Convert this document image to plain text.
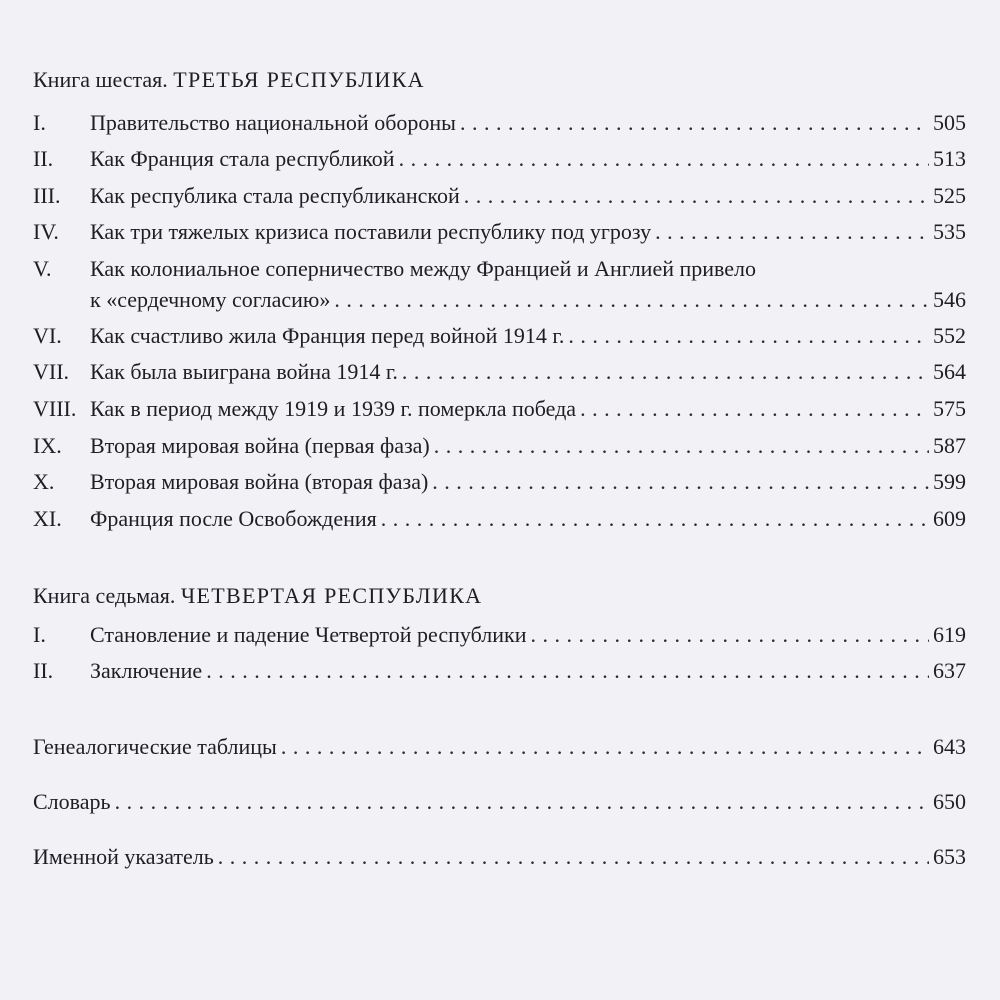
Книга шестая. ТРЕТЬЯ РЕСПУБЛИКА
I.	Правительство национальной обороны . . .	505
II.	Как Франция стала республикой . . .	513
III.	Как республика стала республиканской . . .	525
IV.	Как три тяжелых кризиса поставили республику под угрозу . . .	535
V. Как колониальное соперничество между Францией и Англией привело
к «сердечному согласию» . . .	546
VI.	Как счастливо жила Франция перед войной 1914 г. . . .	552
VII. Как была выиграна война 1914 г. . . .	564
VIII. Как в период между 1919 и 1939 г. померкла победа . . .	575
IX.	Вторая мировая война (первая фаза) . . .	587
X.	Вторая мировая война (вторая фаза) . . .	599
XI.	Франция после Освобождения . . .	609
Книга седьмая. ЧЕТВЕРТАЯ РЕСПУБЛИКА
I.	Становление и падение Четвертой республики . . .	619
II.	Заключение . . .	637
Генеалогические таблицы . . .	643
Словарь . . .	650
Именной указатель . . .	653
